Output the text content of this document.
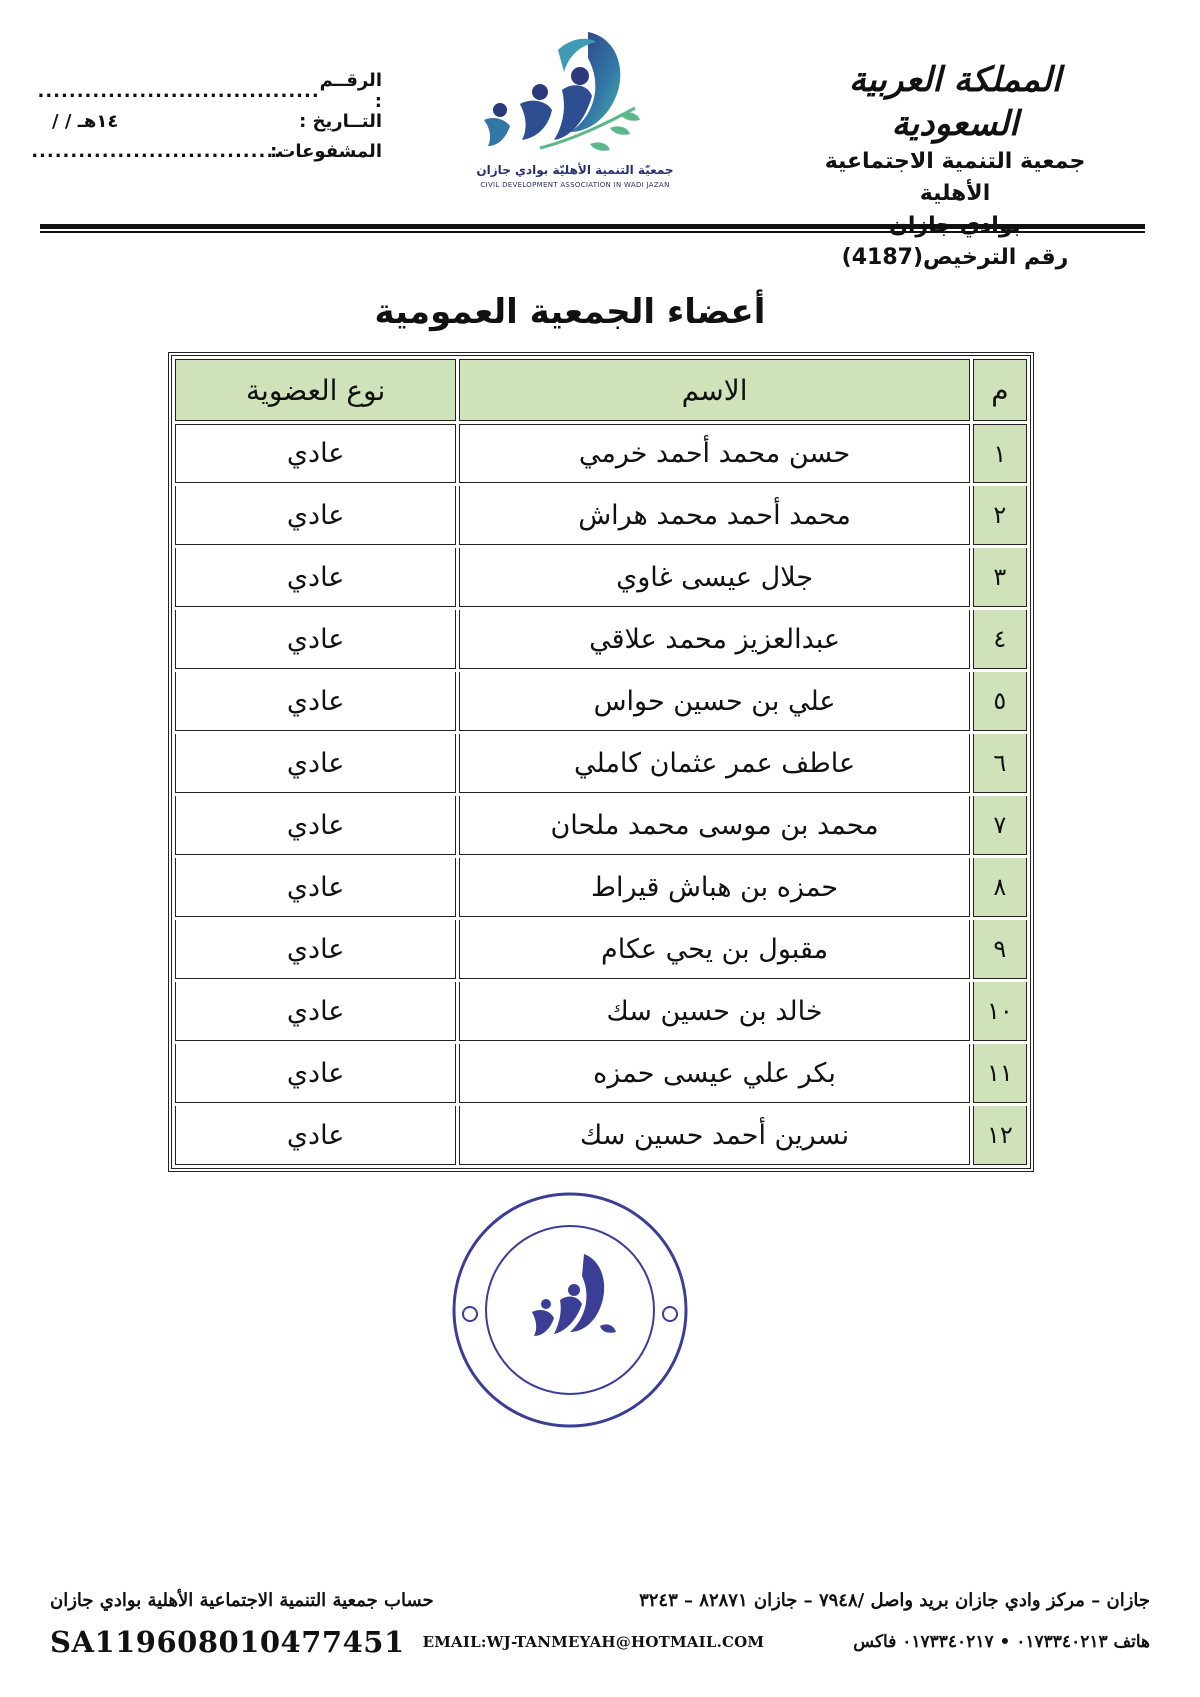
المملكة العربية السعودية
جمعية التنمية الاجتماعية الأهلية
رقم الترخيص(4187)
جمعيّة التنمية الأهليّة بوادي جازان
CIVIL DEVELOPMENT ASSOCIATION IN WADI JAZAN
الرقــم :
....................................
التــاريخ :
/ / ١٤هـ
المشفوعات:
................................
أعضاء الجمعية العمومية
م	الاسم	نوع العضوية
١	حسن محمد أحمد خرمي	عادي
٢	محمد أحمد محمد هراش	عادي
٣	جلال عيسى غاوي	عادي
٤	عبدالعزيز محمد علاقي	عادي
٥	علي بن حسين حواس	عادي
٦	عاطف عمر عثمان كاملي	عادي
٧	محمد بن موسى محمد ملحان	عادي
٨	حمزه بن هباش قيراط	عادي
٩	مقبول بن يحي عكام	عادي
١٠	خالد بن حسين سك	عادي
١١	بكر علي عيسى حمزه	عادي
١٢	نسرين أحمد حسين سك	عادي
جازان – مركز وادي جازان بريد واصل /٧٩٤٨ – جازان ٨٢٨٧١ – ٣٢٤٣
حساب جمعية التنمية الاجتماعية الأهلية بوادي جازان
هاتف ٠١٧٣٣٤٠٢١٣ • ٠١٧٣٣٤٠٢١٧ فاكس
SA119608010477451 EMAIL:WJ-TANMEYAH@HOTMAIL.COM
